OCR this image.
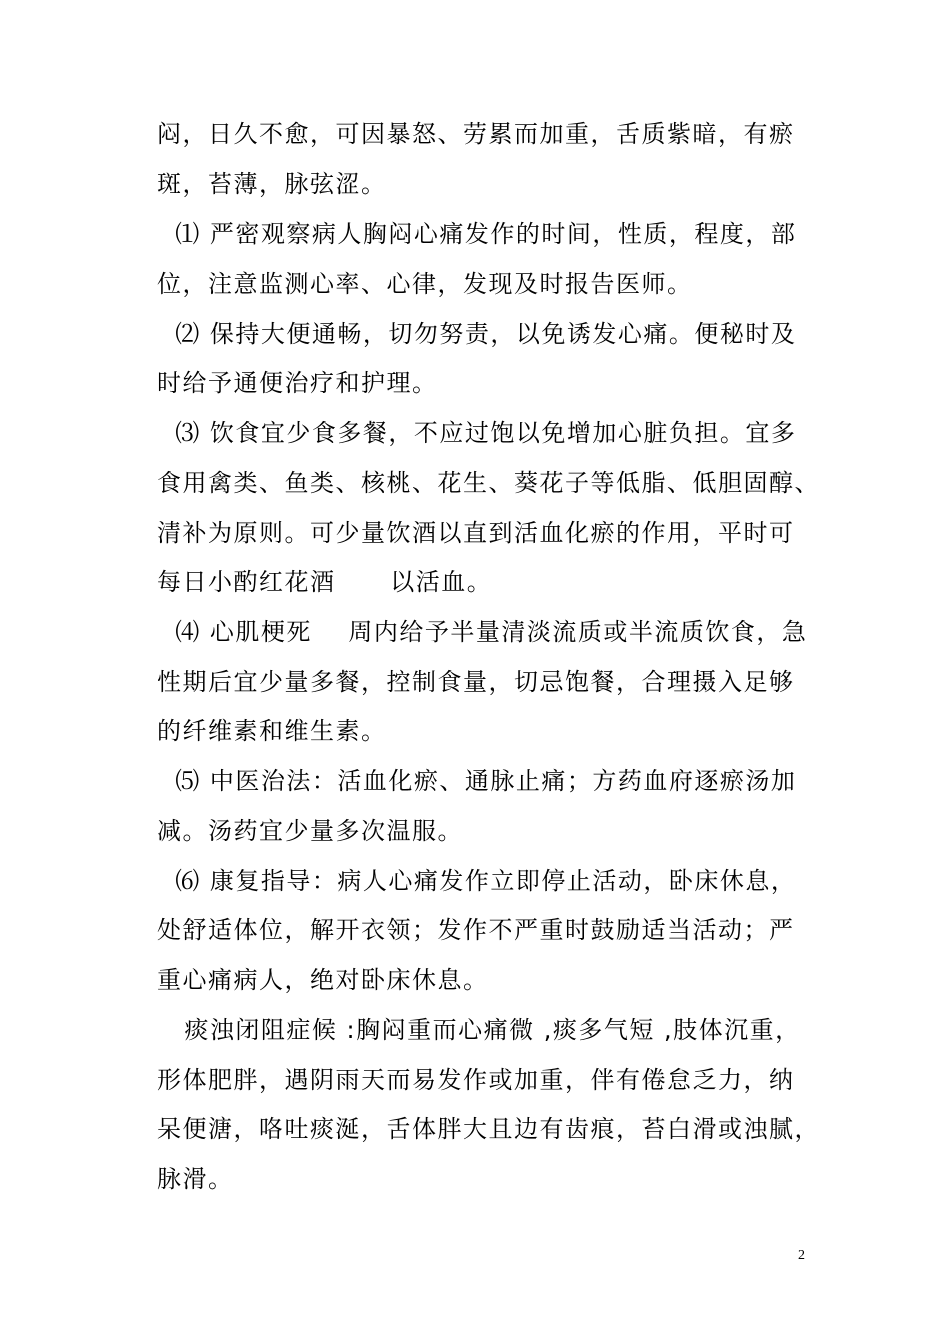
闷，日久不愈，可因暴怒、劳累而加重，舌质紫暗，有瘀
斑，苔薄，脉弦涩。
⑴ 严密观察病人胸闷心痛发作的时间，性质，程度，部
位，注意监测心率、心律，发现及时报告医师。
⑵ 保持大便通畅，切勿努责，以免诱发心痛。便秘时及
时给予通便治疗和护理。
⑶ 饮食宜少食多餐，不应过饱以免增加心脏负担。宜多
食用禽类、鱼类、核桃、花生、葵花子等低脂、低胆固醇、
清补为原则。可少量饮酒以直到活血化瘀的作用，平时可
每日小酌红花酒      以活血。
⑷ 心肌梗死    周内给予半量清淡流质或半流质饮食，急
性期后宜少量多餐，控制食量，切忌饱餐，合理摄入足够
的纤维素和维生素。
⑸ 中医治法：活血化瘀、通脉止痛；方药血府逐瘀汤加
减。汤药宜少量多次温服。
⑹ 康复指导：病人心痛发作立即停止活动，卧床休息，
处舒适体位，解开衣领；发作不严重时鼓励适当活动；严
重心痛病人，绝对卧床休息。
痰浊闭阻症候 :胸闷重而心痛微 ,痰多气短 ,肢体沉重，
形体肥胖，遇阴雨天而易发作或加重，伴有倦怠乏力，纳
呆便溏，咯吐痰涎，舌体胖大且边有齿痕，苔白滑或浊腻，
脉滑。
2
